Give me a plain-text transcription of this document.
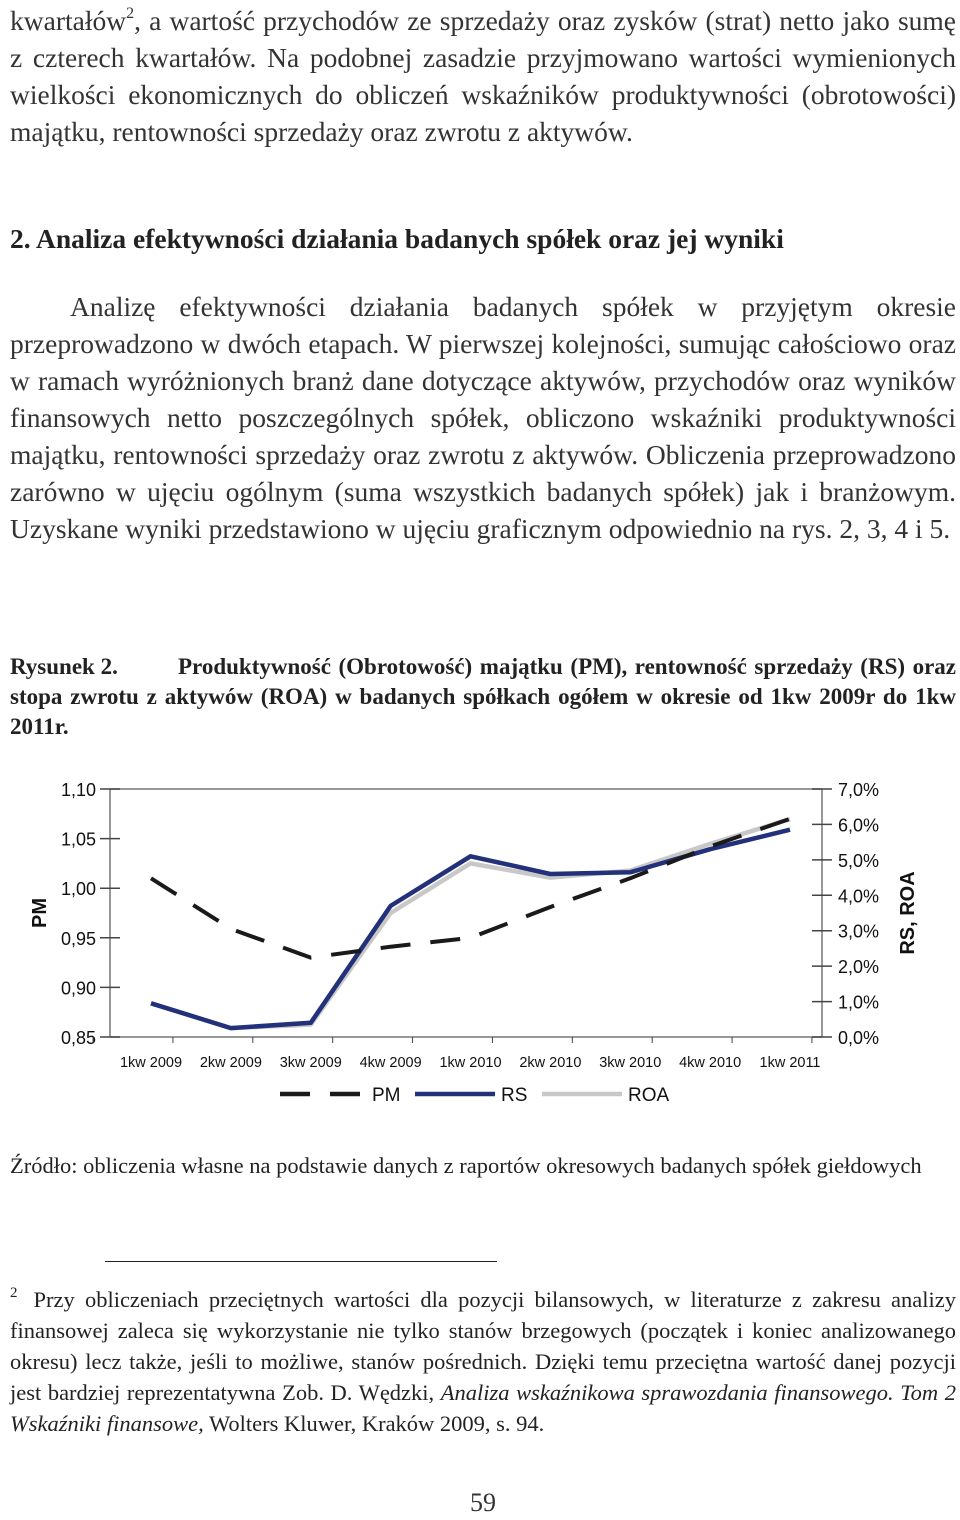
kwartałów$^2$, a wartość przychodów ze sprzedaży oraz zysków (strat) netto jako sumę z czterech kwartałów. Na podobnej zasadzie przyjmowano wartości wymienionych wielkości ekonomicznych do obliczeń wskaźników produktywności (obrotowości) majątku, rentowności sprzedaży oraz zwrotu z aktywów.

2. Analiza efektywności działania badanych spółek oraz jej wyniki

Analizę efektywności działania badanych spółek w przyjętym okresie przeprowadzono w dwóch etapach. W pierwszej kolejności, sumując całościowo oraz w ramach wyróżnionych branż dane dotyczące aktywów, przychodów oraz wyników finansowych netto poszczególnych spółek, obliczono wskaźniki produktywności majątku, rentowności sprzedaży oraz zwrotu z aktywów. Obliczenia przeprowadzono zarówno w ujęciu ogólnym (suma wszystkich badanych spółek) jak i branżowym. Uzyskane wyniki przedstawiono w ujęciu graficznym odpowiednio na rys. 2, 3, 4 i 5.

Rysunek 2.	Produktywność (Obrotowość) majątku (PM), rentowność sprzedaży (RS) oraz stopa zwrotu z aktywów (ROA) w badanych spółkach ogółem w okresie od 1kw 2009r do 1kw 2011r.

1,10
1,05
1,00
0,95
0,90
0,85
7,0%
6,0%
5,0%
4,0%
3,0%
2,0%
1,0%
0,0%
1kw 2009 2kw 2009 3kw 2009 4kw 2009 1kw 2010 2kw 2010 3kw 2010 4kw 2010 1kw 2011
PM	RS, ROA
PM	RS	ROA

Źródło: obliczenia własne na podstawie danych z raportów okresowych badanych spółek giełdowych

$^2$ Przy obliczeniach przeciętnych wartości dla pozycji bilansowych, w literaturze z zakresu analizy finansowej zaleca się wykorzystanie nie tylko stanów brzegowych (początek i koniec analizowanego okresu) lecz także, jeśli to możliwe, stanów pośrednich. Dzięki temu przeciętna wartość danej pozycji jest bardziej reprezentatywna Zob. D. Wędzki, Analiza wskaźnikowa sprawozdania finansowego. Tom 2 Wskaźniki finansowe, Wolters Kluwer, Kraków 2009, s. 94.

59
